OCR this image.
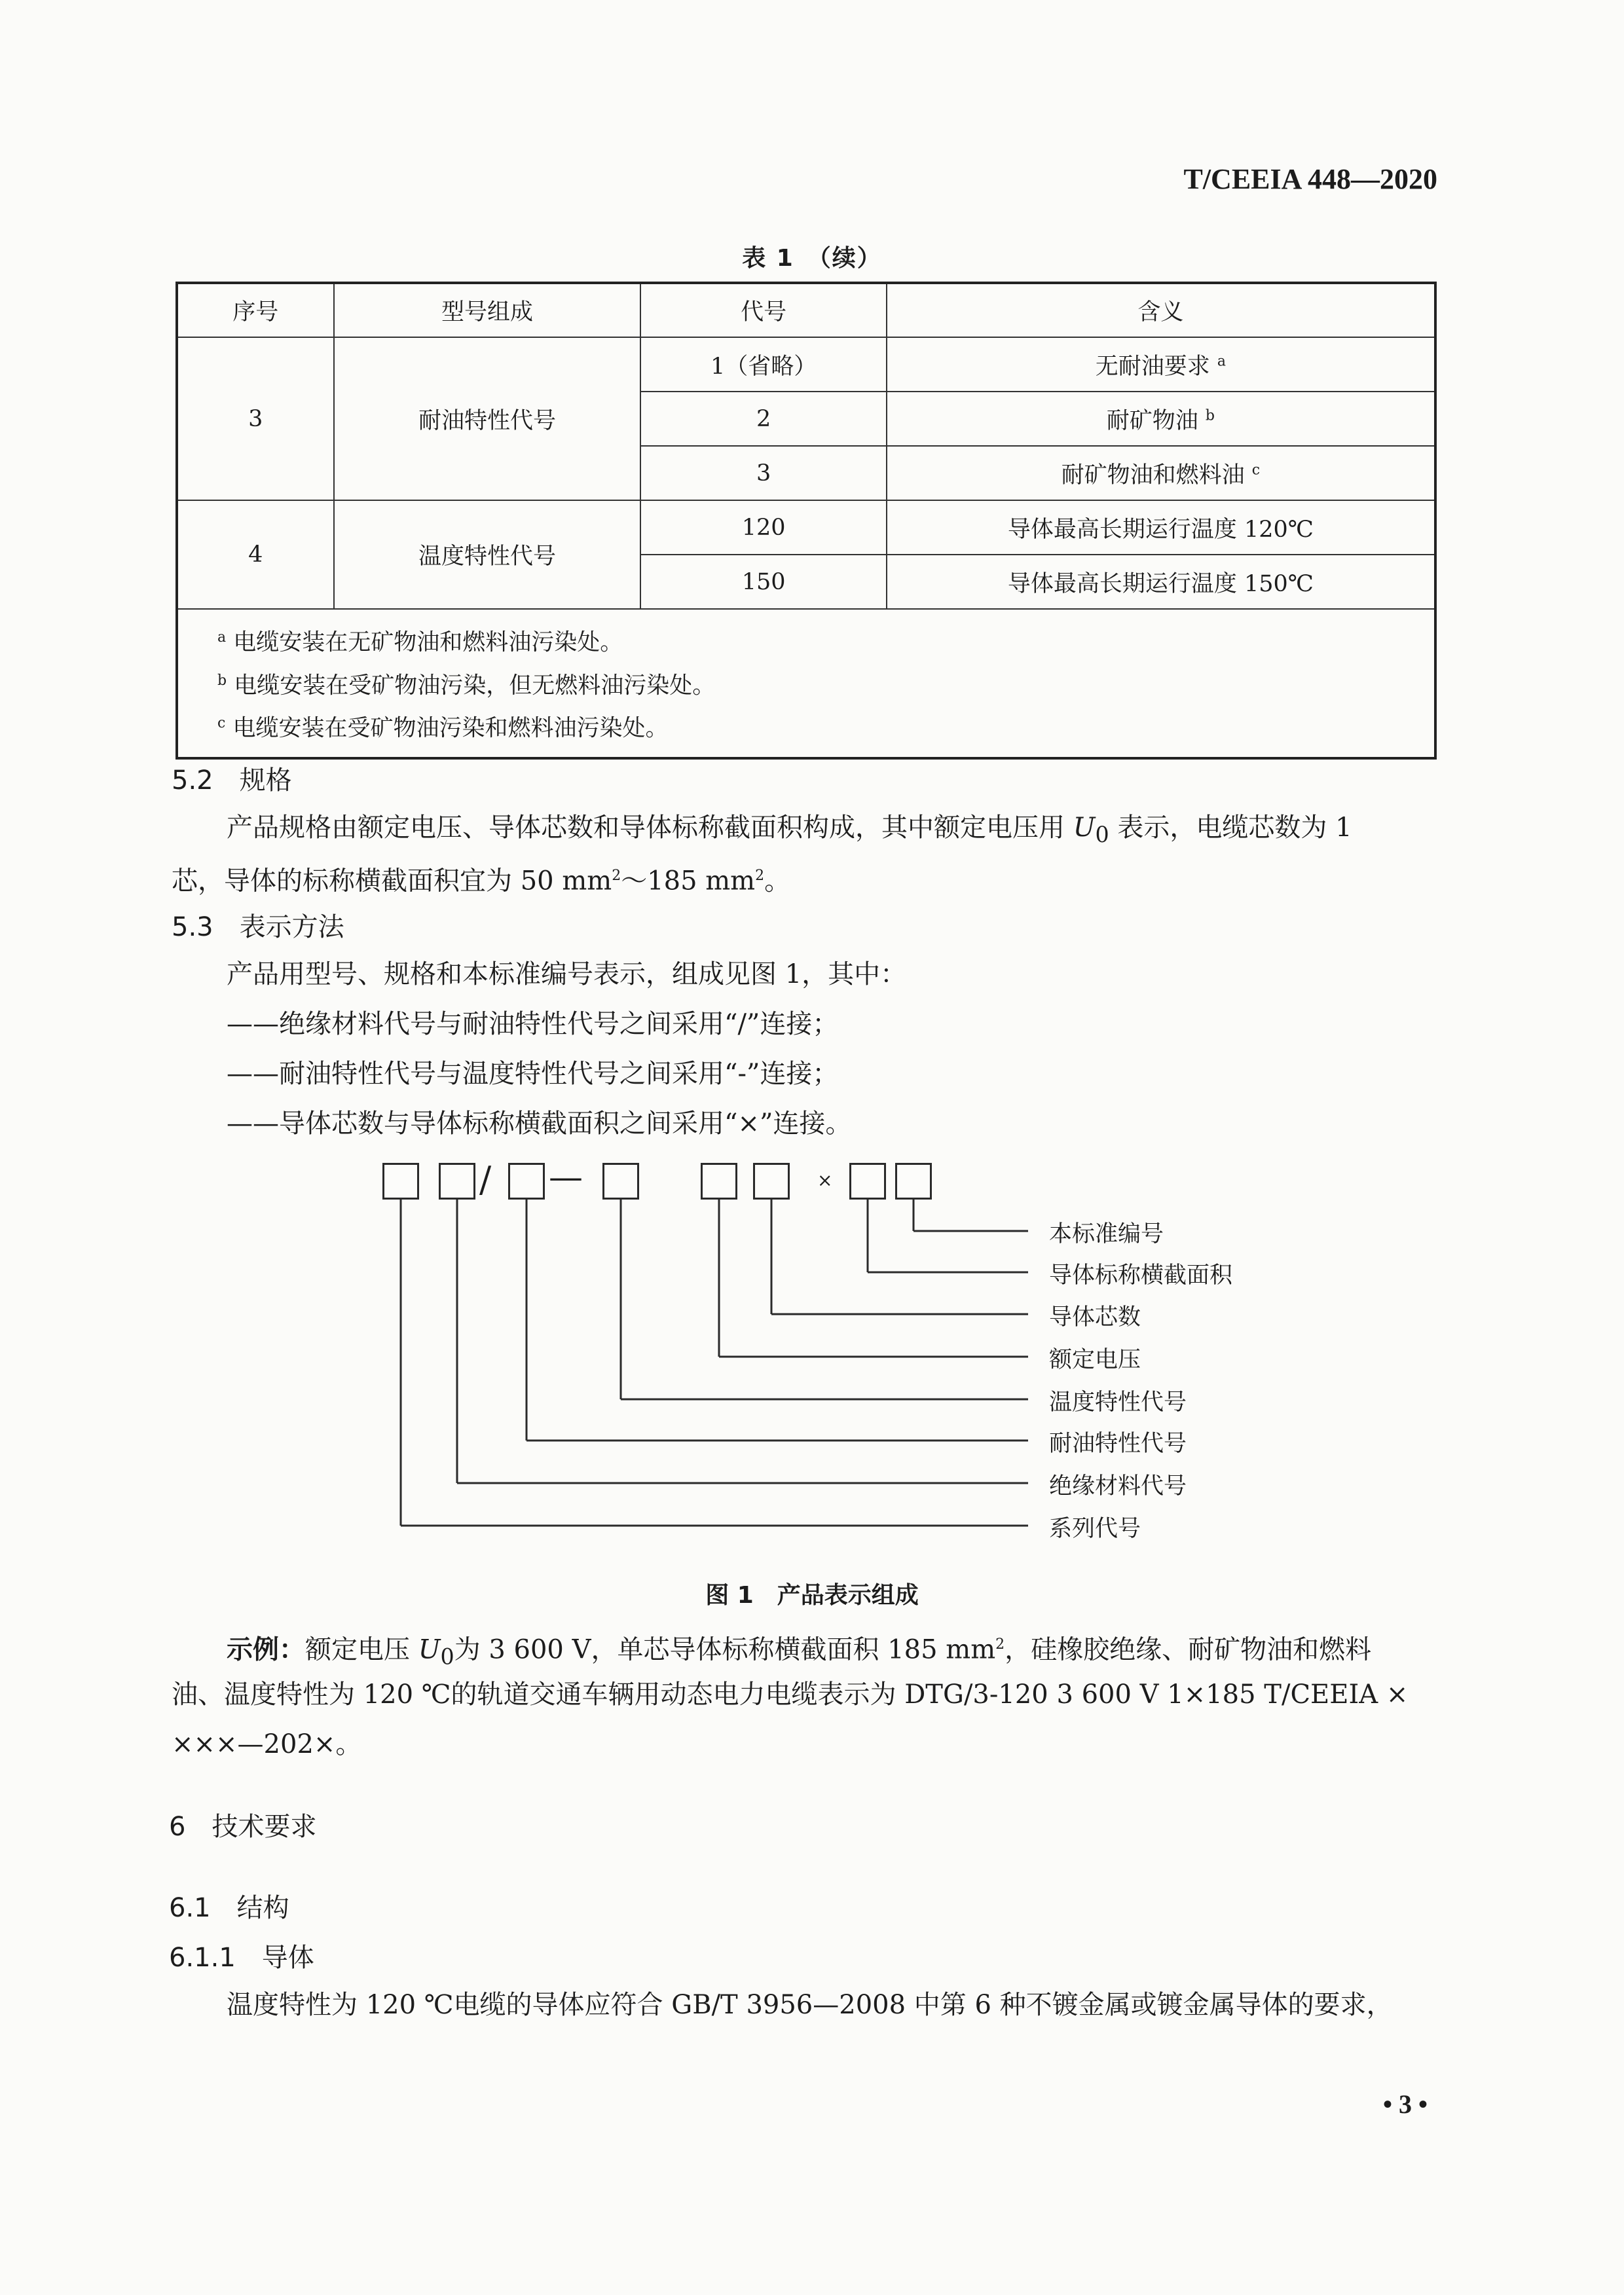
T/CEEIA 448—2020
表 1　（续）
序号	型号组成	代号	含义
3	耐油特性代号	1（省略）	无耐油要求 $^a$
		2	耐矿物油 $^b$
		3	耐矿物油和燃料油 $^c$
4	温度特性代号	120	导体最高长期运行温度 120℃
		150	导体最高长期运行温度 150℃

$^a$ 电缆安装在无矿物油和燃料油污染处。
$^b$ 电缆安装在受矿物油污染，但无燃料油污染处。
$^c$ 电缆安装在受矿物油污染和燃料油污染处。			
5.2　规格
产品规格由额定电压、导体芯数和导体标称截面积构成，其中额定电压用 $U_0$ 表示，电缆芯数为 1
芯，导体的标称横截面积宜为 50 $mm^2\sim 185$ $mm^2$。
5.3　表示方法
产品用型号、规格和本标准编号表示，组成见图 1，其中：
——绝缘材料代号与耐油特性代号之间采用“/”连接；
——耐油特性代号与温度特性代号之间采用“-”连接；
——导体芯数与导体标称横截面积之间采用“×”连接。
/ —	×
本标准编号
导体标称横截面积
导体芯数
额定电压
温度特性代号
耐油特性代号
绝缘材料代号
系列代号
图 1　产品表示组成
示例：额定电压 $U_0$为 3 600 V，单芯导体标称横截面积 185 $mm^2$，硅橡胶绝缘、耐矿物油和燃料
油、温度特性为 120 ℃的轨道交通车辆用动态电力电缆表示为 DTG/3-120 3 600 V 1×185 T/CEEIA ×
×××—202×。
6　技术要求
6.1　结构
6.1.1　导体
温度特性为 120 ℃电缆的导体应符合 GB/T 3956—2008 中第 6 种不镀金属或镀金属导体的要求，
• 3 •
